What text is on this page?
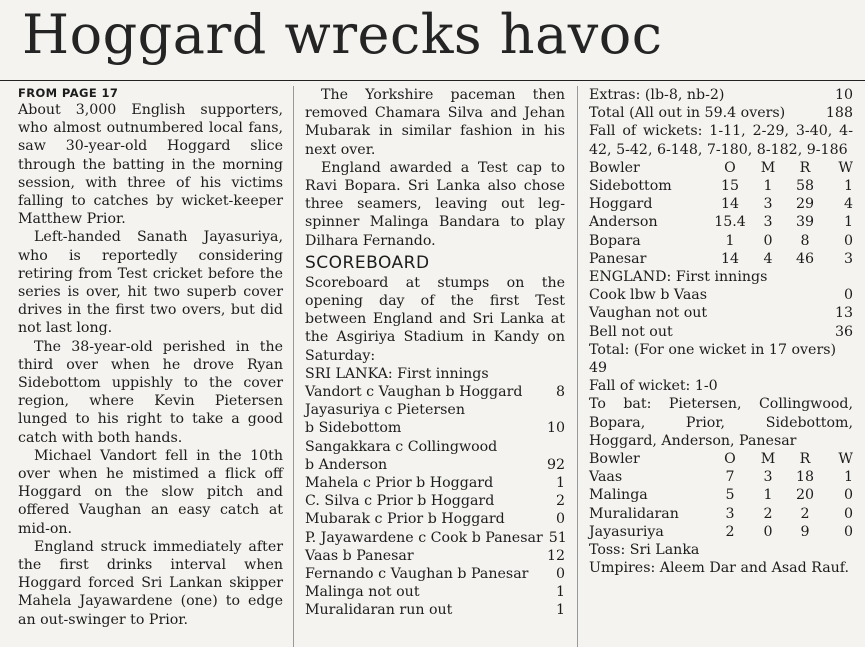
Hoggard wrecks havoc
FROM PAGE 17

About 3,000 English supporters, who almost outnumbered local fans, saw 30-year-old Hoggard slice through the batting in the morning session, with three of his victims falling to catches by wicket-keeper Matthew Prior.

Left-handed Sanath Jayasuriya, who is reportedly considering retiring from Test cricket before the series is over, hit two superb cover drives in the first two overs, but did not last long.

The 38-year-old perished in the third over when he drove Ryan Sidebottom uppishly to the cover region, where Kevin Pietersen lunged to his right to take a good catch with both hands.

Michael Vandort fell in the 10th over when he mistimed a flick off Hoggard on the slow pitch and offered Vaughan an easy catch at mid-on.

England struck immediately after the first drinks interval when Hoggard forced Sri Lankan skipper Mahela Jayawardene (one) to edge an out-swinger to Prior.

The Yorkshire paceman then removed Chamara Silva and Jehan Mubarak in similar fashion in his next over.

England awarded a Test cap to Ravi Bopara. Sri Lanka also chose three seamers, leaving out leg-spinner Malinga Bandara to play Dilhara Fernando.

SCOREBOARD

Scoreboard at stumps on the opening day of the first Test between England and Sri Lanka at the Asgiriya Stadium in Kandy on Saturday:

SRI LANKA: First innings
Vandort c Vaughan b Hoggard	8
Jayasuriya c Pietersen
b Sidebottom	10
Sangakkara c Collingwood
b Anderson	92
Mahela c Prior b Hoggard	1
C. Silva c Prior b Hoggard	2
Mubarak c Prior b Hoggard	0
P. Jayawardene c Cook b Panesar 51
Vaas b Panesar	12
Fernando c Vaughan b Panesar	0
Malinga not out	1
Muralidaran run out	1
Extras: (lb-8, nb-2)	10
Total (All out in 59.4 overs)	188

Fall of wickets: 1-11, 2-29, 3-40, 4-42, 5-42, 6-148, 7-180, 8-182, 9-186

Bowler	O	M	R	W
Sidebottom	15	1	58	1
Hoggard	14	3	29	4
Anderson	15.4	3	39	1
Bopara	1	0	8	0
Panesar	14	4	46	3
ENGLAND: First innings
Cook lbw b Vaas	0
Vaughan not out	13
Bell not out	36
Total: (For one wicket in 17 overs) 49
Fall of wicket: 1-0

To bat: Pietersen, Collingwood, Bopara, Prior, Sidebottom, Hoggard, Anderson, Panesar

Bowler	O	M	R	W
Vaas	7	3	18	1
Malinga	5	1	20	0
Muralidaran	3	2	2	0
Jayasuriya	2	0	9	0
Toss: Sri Lanka

Umpires: Aleem Dar and Asad Rauf.
